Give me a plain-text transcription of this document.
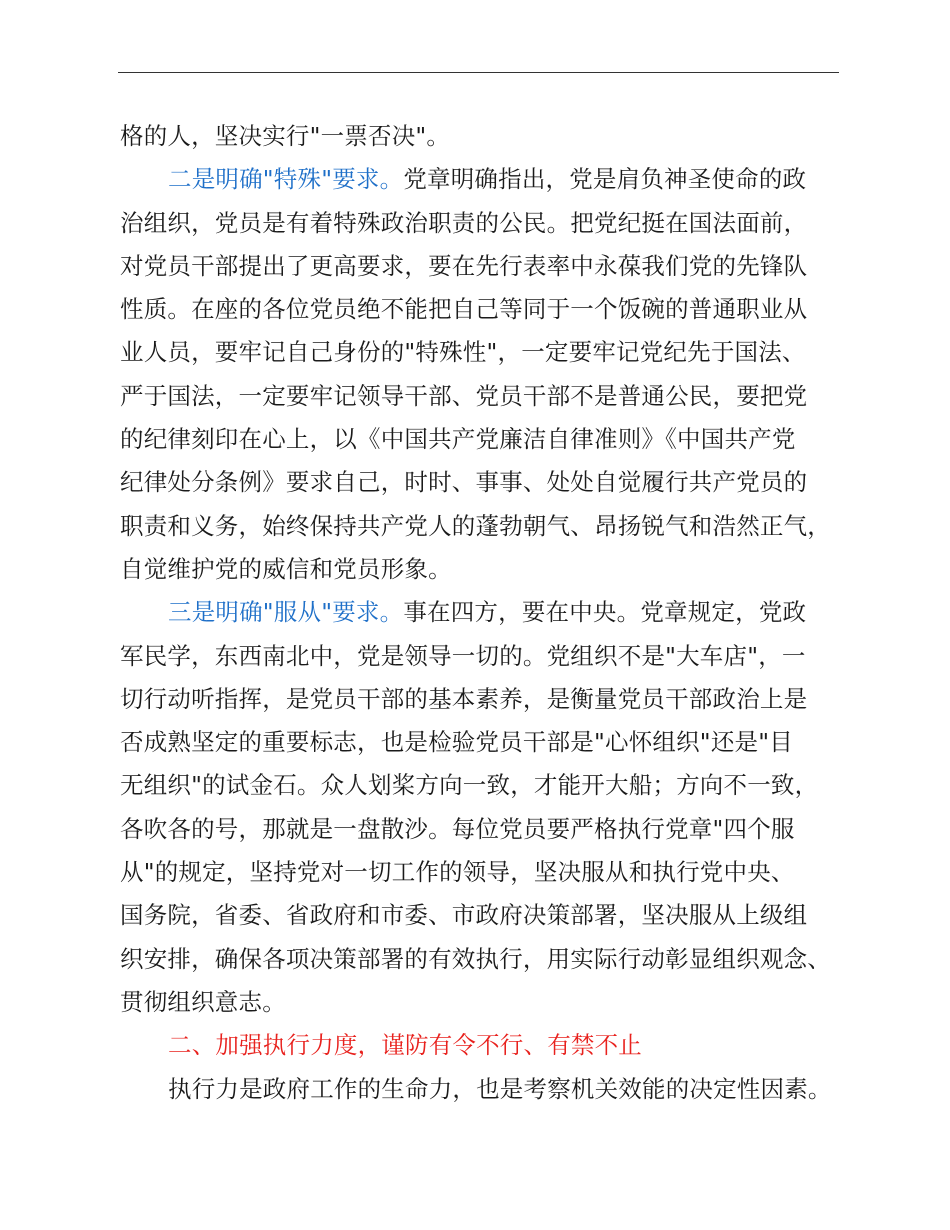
格的人，坚决实行"一票否决"。
二是明确"特殊"要求。党章明确指出，党是肩负神圣使命的政
治组织，党员是有着特殊政治职责的公民。把党纪挺在国法面前，
对党员干部提出了更高要求，要在先行表率中永葆我们党的先锋队
性质。在座的各位党员绝不能把自己等同于一个饭碗的普通职业从
业人员，要牢记自己身份的"特殊性"，一定要牢记党纪先于国法、
严于国法，一定要牢记领导干部、党员干部不是普通公民，要把党
的纪律刻印在心上，以《中国共产党廉洁自律准则》《中国共产党
纪律处分条例》要求自己，时时、事事、处处自觉履行共产党员的
职责和义务，始终保持共产党人的蓬勃朝气、昂扬锐气和浩然正气，
自觉维护党的威信和党员形象。
三是明确"服从"要求。事在四方，要在中央。党章规定，党政
军民学，东西南北中，党是领导一切的。党组织不是"大车店"，一
切行动听指挥，是党员干部的基本素养，是衡量党员干部政治上是
否成熟坚定的重要标志，也是检验党员干部是"心怀组织"还是"目
无组织"的试金石。众人划桨方向一致，才能开大船；方向不一致，
各吹各的号，那就是一盘散沙。每位党员要严格执行党章"四个服
从"的规定，坚持党对一切工作的领导，坚决服从和执行党中央、
国务院，省委、省政府和市委、市政府决策部署，坚决服从上级组
织安排，确保各项决策部署的有效执行，用实际行动彰显组织观念、
贯彻组织意志。
二、加强执行力度，谨防有令不行、有禁不止
执行力是政府工作的生命力，也是考察机关效能的决定性因素。
